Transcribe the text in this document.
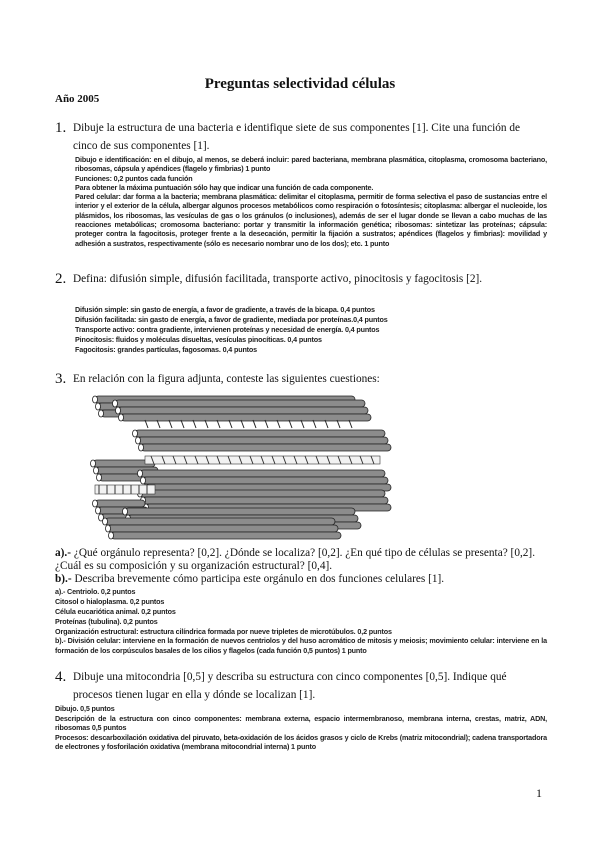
Preguntas selectividad células
Año 2005
1. Dibuje la estructura de una bacteria e identifique siete de sus componentes [1]. Cite una función de cinco de sus componentes [1].
Dibujo e identificación: en el dibujo, al menos, se deberá incluir: pared bacteriana, membrana plasmática, citoplasma, cromosoma bacteriano, ribosomas, cápsula y apéndices (flagelo y fimbrias) 1 punto
Funciones: 0,2 puntos cada función
Para obtener la máxima puntuación sólo hay que indicar una función de cada componente.
Pared celular: dar forma a la bacteria; membrana plasmática: delimitar el citoplasma, permitir de forma selectiva el paso de sustancias entre el interior y el exterior de la célula, albergar algunos procesos metabólicos como respiración o fotosíntesis; citoplasma: albergar el nucleoide, los plásmidos, los ribosomas, las vesículas de gas o los gránulos (o inclusiones), además de ser el lugar donde se llevan a cabo muchas de las reacciones metabólicas; cromosoma bacteriano: portar y transmitir la información genética; ribosomas: sintetizar las proteínas; cápsula: proteger contra la fagocitosis, proteger frente a la desecación, permitir la fijación a sustratos; apéndices (flagelos y fimbrias): movilidad y adhesión a sustratos, respectivamente (sólo es necesario nombrar uno de los dos); etc. 1 punto
2. Defina: difusión simple, difusión facilitada, transporte activo, pinocitosis y fagocitosis [2].
Difusión simple: sin gasto de energía, a favor de gradiente, a través de la bicapa. 0,4 puntos
Difusión facilitada: sin gasto de energía, a favor de gradiente, mediada por proteínas.0,4 puntos
Transporte activo: contra gradiente, intervienen proteínas y necesidad de energía. 0,4 puntos
Pinocitosis: fluidos y moléculas disueltas, vesículas pinocíticas. 0,4 puntos
Fagocitosis: grandes partículas, fagosomas. 0,4 puntos
3. En relación con la figura adjunta, conteste las siguientes cuestiones:
a).- ¿Qué orgánulo representa? [0,2]. ¿Dónde se localiza? [0,2]. ¿En qué tipo de células se presenta? [0,2]. ¿Cuál es su composición y su organización estructural? [0,4].
b).- Describa brevemente cómo participa este orgánulo en dos funciones celulares [1].
a).- Centriolo. 0,2 puntos
Citosol o hialoplasma. 0,2 puntos
Célula eucariótica animal. 0,2 puntos
Proteínas (tubulina). 0,2 puntos
Organización estructural: estructura cilíndrica formada por nueve tripletes de microtúbulos. 0,2 puntos
b).- División celular: interviene en la formación de nuevos centriolos y del huso acromático de mitosis y meiosis; movimiento celular: interviene en la formación de los corpúsculos basales de los cilios y flagelos (cada función 0,5 puntos) 1 punto
4. Dibuje una mitocondria [0,5] y describa su estructura con cinco componentes [0,5]. Indique qué procesos tienen lugar en ella y dónde se localizan [1].
Dibujo. 0,5 puntos
Descripción de la estructura con cinco componentes: membrana externa, espacio intermembranoso, membrana interna, crestas, matriz, ADN, ribosomas 0,5 puntos
Procesos: descarboxilación oxidativa del piruvato, beta-oxidación de los ácidos grasos y ciclo de Krebs (matriz mitocondrial); cadena transportadora de electrones y fosforilación oxidativa (membrana mitocondrial interna) 1 punto
1
